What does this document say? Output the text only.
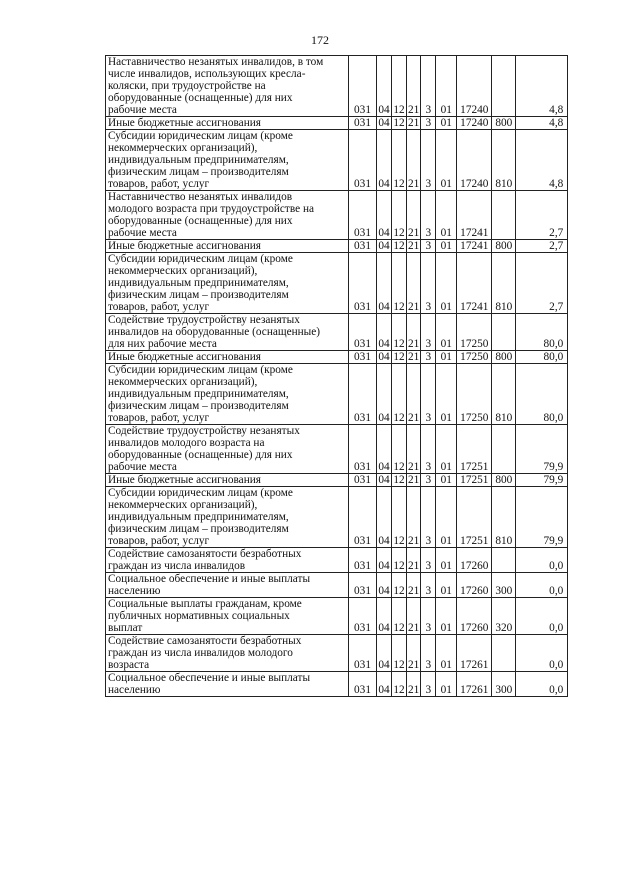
172
Наставничество незанятых инвалидов, в том
числе инвалидов, использующих кресла-
коляски, при трудоустройстве на
оборудованные (оснащенные) для них
рабочие места	031	04	12	21	3	01	17240		4,8
Иные бюджетные ассигнования	031	04	12	21	3	01	17240	800	4,8
Субсидии юридическим лицам (кроме
некоммерческих организаций),
индивидуальным предпринимателям,
физическим лицам – производителям
товаров, работ, услуг	031	04	12	21	3	01	17240	810	4,8
Наставничество незанятых инвалидов
молодого возраста при трудоустройстве на
оборудованные (оснащенные) для них
рабочие места	031	04	12	21	3	01	17241		2,7
Иные бюджетные ассигнования	031	04	12	21	3	01	17241	800	2,7
Субсидии юридическим лицам (кроме
некоммерческих организаций),
индивидуальным предпринимателям,
физическим лицам – производителям
товаров, работ, услуг	031	04	12	21	3	01	17241	810	2,7
Содействие трудоустройству незанятых
инвалидов на оборудованные (оснащенные)
для них рабочие места	031	04	12	21	3	01	17250		80,0
Иные бюджетные ассигнования	031	04	12	21	3	01	17250	800	80,0
Субсидии юридическим лицам (кроме
некоммерческих организаций),
индивидуальным предпринимателям,
физическим лицам – производителям
товаров, работ, услуг	031	04	12	21	3	01	17250	810	80,0
Содействие трудоустройству незанятых
инвалидов молодого возраста на
оборудованные (оснащенные) для них
рабочие места	031	04	12	21	3	01	17251		79,9
Иные бюджетные ассигнования	031	04	12	21	3	01	17251	800	79,9
Субсидии юридическим лицам (кроме
некоммерческих организаций),
индивидуальным предпринимателям,
физическим лицам – производителям
товаров, работ, услуг	031	04	12	21	3	01	17251	810	79,9
Содействие самозанятости безработных
граждан из числа инвалидов	031	04	12	21	3	01	17260		0,0
Социальное обеспечение и иные выплаты
населению	031	04	12	21	3	01	17260	300	0,0
Социальные выплаты гражданам, кроме
публичных нормативных социальных
выплат	031	04	12	21	3	01	17260	320	0,0
Содействие самозанятости безработных
граждан из числа инвалидов молодого
возраста	031	04	12	21	3	01	17261		0,0
Социальное обеспечение и иные выплаты
населению	031	04	12	21	3	01	17261	300	0,0
